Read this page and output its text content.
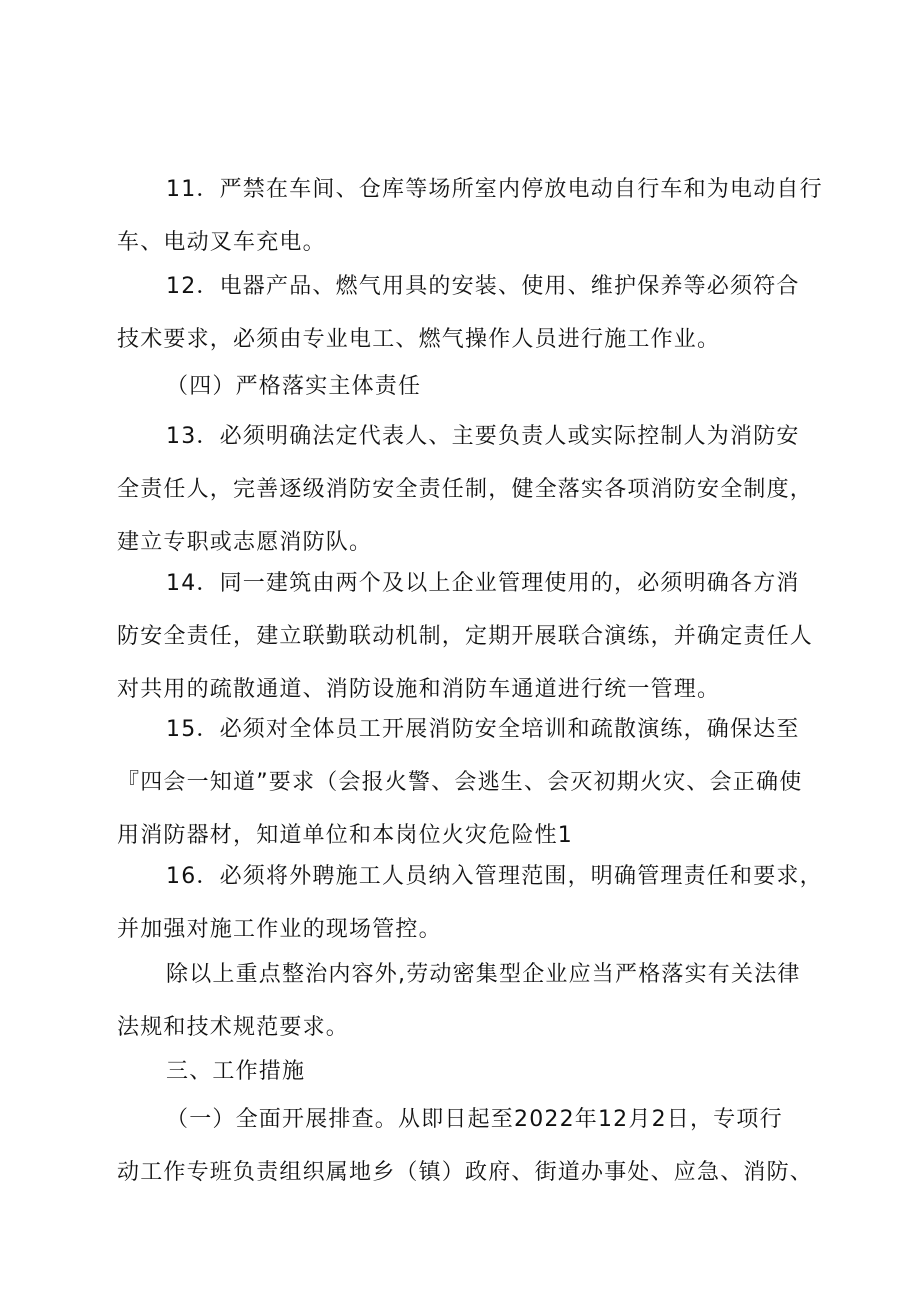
11．严禁在车间、仓库等场所室内停放电动自行车和为电动自行
车、电动叉车充电。
12．电器产品、燃气用具的安装、使用、维护保养等必须符合
技术要求，必须由专业电工、燃气操作人员进行施工作业。
（四）严格落实主体责任
13．必须明确法定代表人、主要负责人或实际控制人为消防安
全责任人，完善逐级消防安全责任制，健全落实各项消防安全制度，
建立专职或志愿消防队。
14．同一建筑由两个及以上企业管理使用的，必须明确各方消
防安全责任，建立联勤联动机制，定期开展联合演练，并确定责任人
对共用的疏散通道、消防设施和消防车通道进行统一管理。
15．必须对全体员工开展消防安全培训和疏散演练，确保达至
『四会一知道”要求（会报火警、会逃生、会灭初期火灾、会正确使
用消防器材，知道单位和本岗位火灾危险性1
16．必须将外聘施工人员纳入管理范围，明确管理责任和要求，
并加强对施工作业的现场管控。
除以上重点整治内容外,劳动密集型企业应当严格落实有关法律
法规和技术规范要求。
三、工作措施
（一）全面开展排查。从即日起至2022年12月2日，专项行
动工作专班负责组织属地乡（镇）政府、街道办事处、应急、消防、
